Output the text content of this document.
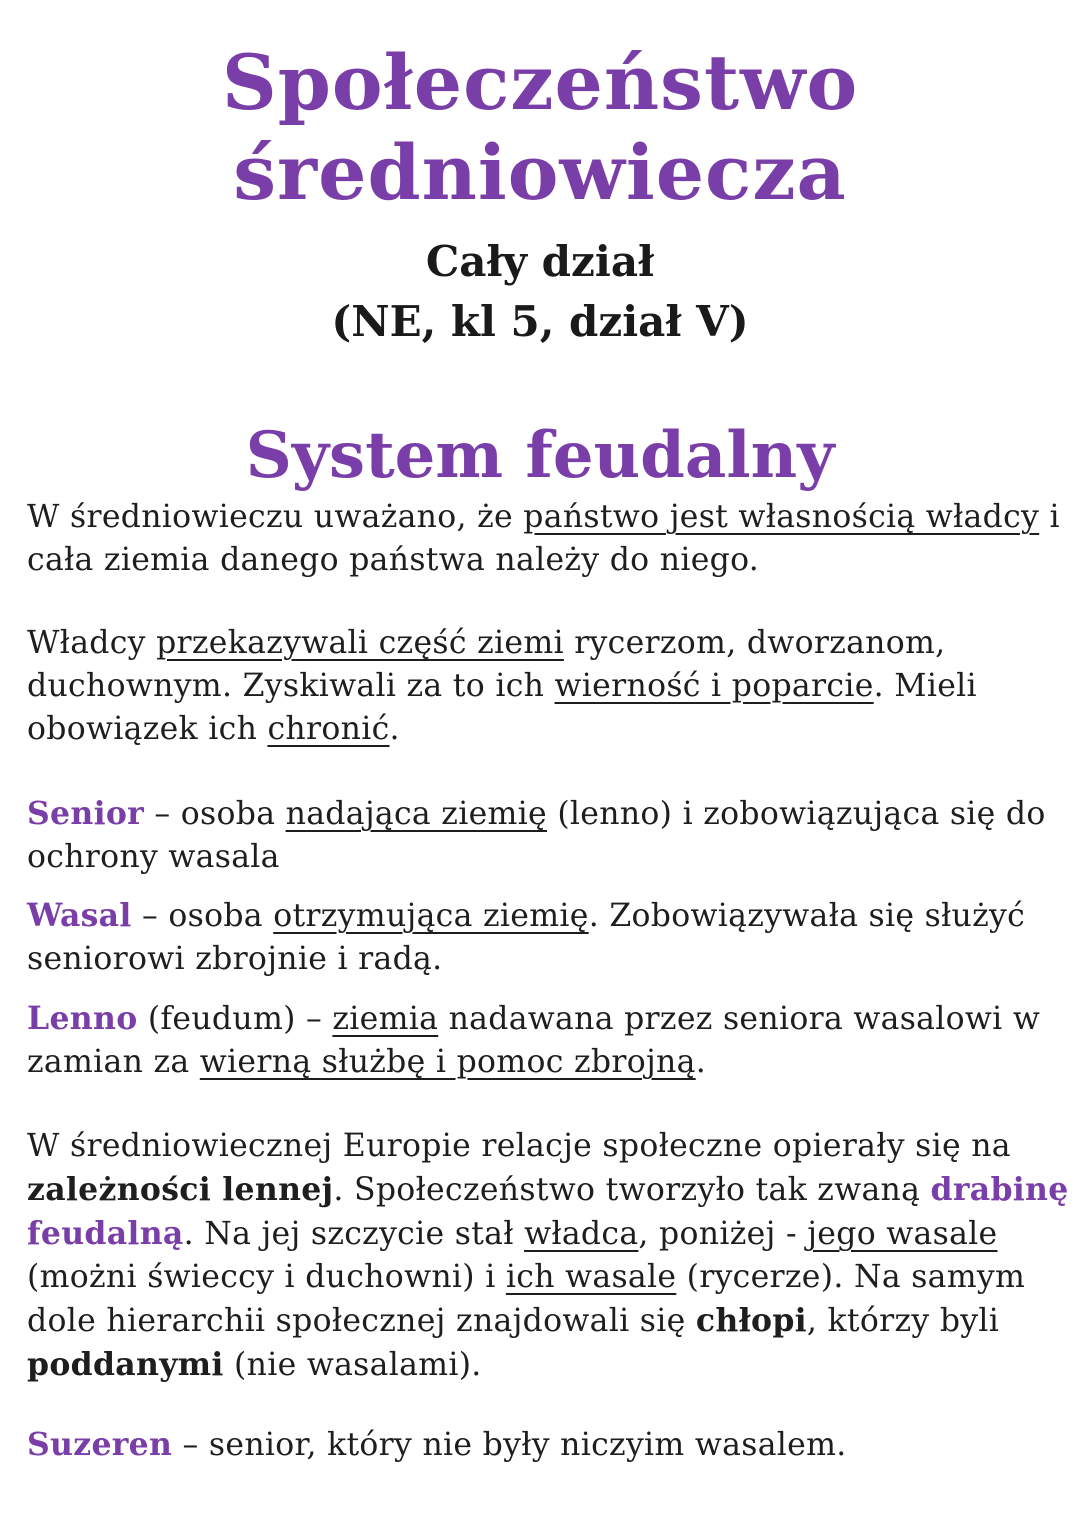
Społeczeństwo
średniowiecza
Cały dział
(NE, kl 5, dział V)
System feudalny

W średniowieczu uważano, że państwo jest własnością władcy i cała ziemia danego państwa należy do niego.

Władcy przekazywali część ziemi rycerzom, dworzanom, duchownym. Zyskiwali za to ich wierność i poparcie. Mieli obowiązek ich chronić.

Senior – osoba nadająca ziemię (lenno) i zobowiązująca się do ochrony wasala

Wasal – osoba otrzymująca ziemię. Zobowiązywała się służyć seniorowi zbrojnie i radą.

Lenno (feudum) – ziemia nadawana przez seniora wasalowi w zamian za wierną służbę i pomoc zbrojną.

W średniowiecznej Europie relacje społeczne opierały się na zależności lennej. Społeczeństwo tworzyło tak zwaną drabinę feudalną. Na jej szczycie stał władca, poniżej - jego wasale (możni świeccy i duchowni) i ich wasale (rycerze). Na samym dole hierarchii społecznej znajdowali się chłopi, którzy byli poddanymi (nie wasalami).

Suzeren – senior, który nie były niczyim wasalem.
